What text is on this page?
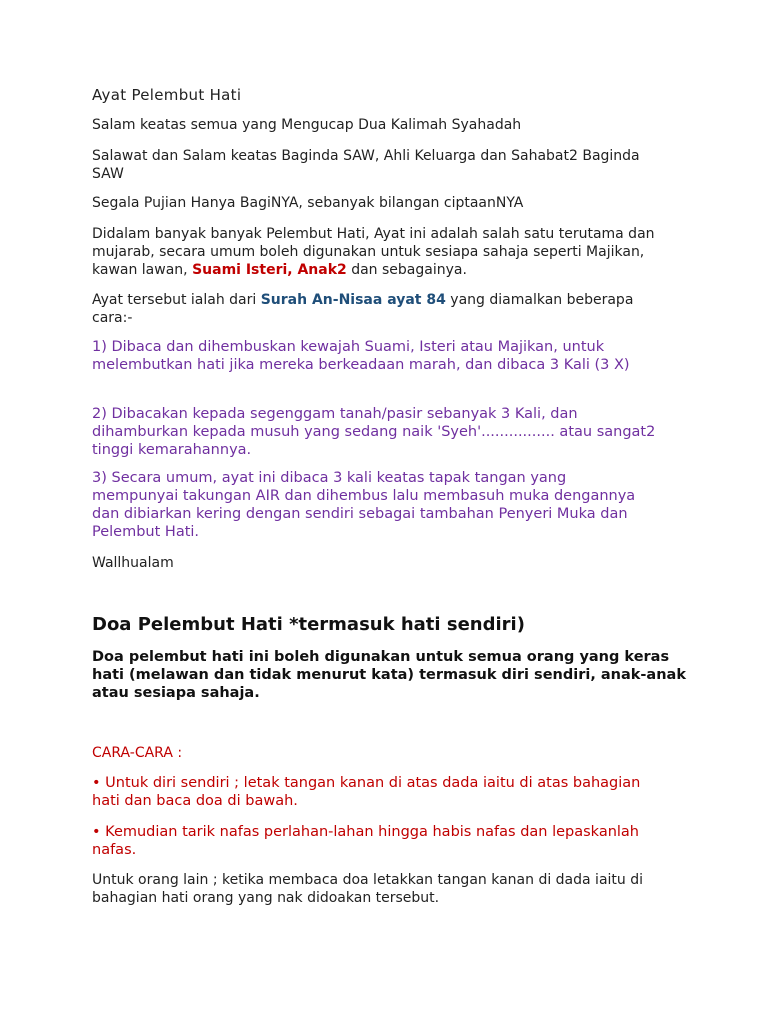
Ayat Pelembut Hati

Salam keatas semua yang Mengucap Dua Kalimah Syahadah

Salawat dan Salam keatas Baginda SAW, Ahli Keluarga dan Sahabat2 Baginda SAW

Segala Pujian Hanya BagiNYA, sebanyak bilangan ciptaanNYA

Didalam banyak banyak Pelembut Hati, Ayat ini adalah salah satu terutama dan mujarab, secara umum boleh digunakan untuk sesiapa sahaja seperti Majikan, kawan lawan, Suami Isteri, Anak2 dan sebagainya.

Ayat tersebut ialah dari Surah An-Nisaa ayat 84 yang diamalkan beberapa cara:-

1) Dibaca dan dihembuskan kewajah Suami, Isteri atau Majikan, untuk melembutkan hati jika mereka berkeadaan marah, dan dibaca 3 Kali (3 X)

2) Dibacakan kepada segenggam tanah/pasir sebanyak 3 Kali, dan dihamburkan kepada musuh yang sedang naik 'Syeh'................ atau sangat2 tinggi kemarahannya.

3) Secara umum, ayat ini dibaca 3 kali keatas tapak tangan yang mempunyai takungan AIR dan dihembus lalu membasuh muka dengannya dan dibiarkan kering dengan sendiri sebagai tambahan Penyeri Muka dan Pelembut Hati.

Wallhualam

Doa Pelembut Hati *termasuk hati sendiri)

Doa pelembut hati ini boleh digunakan untuk semua orang yang keras hati (melawan dan tidak menurut kata) termasuk diri sendiri, anak-anak atau sesiapa sahaja.

CARA-CARA :

• Untuk diri sendiri ; letak tangan kanan di atas dada iaitu di atas bahagian hati dan baca doa di bawah.

• Kemudian tarik nafas perlahan-lahan hingga habis nafas dan lepaskanlah nafas.

Untuk orang lain ; ketika membaca doa letakkan tangan kanan di dada iaitu di bahagian hati orang yang nak didoakan tersebut.
